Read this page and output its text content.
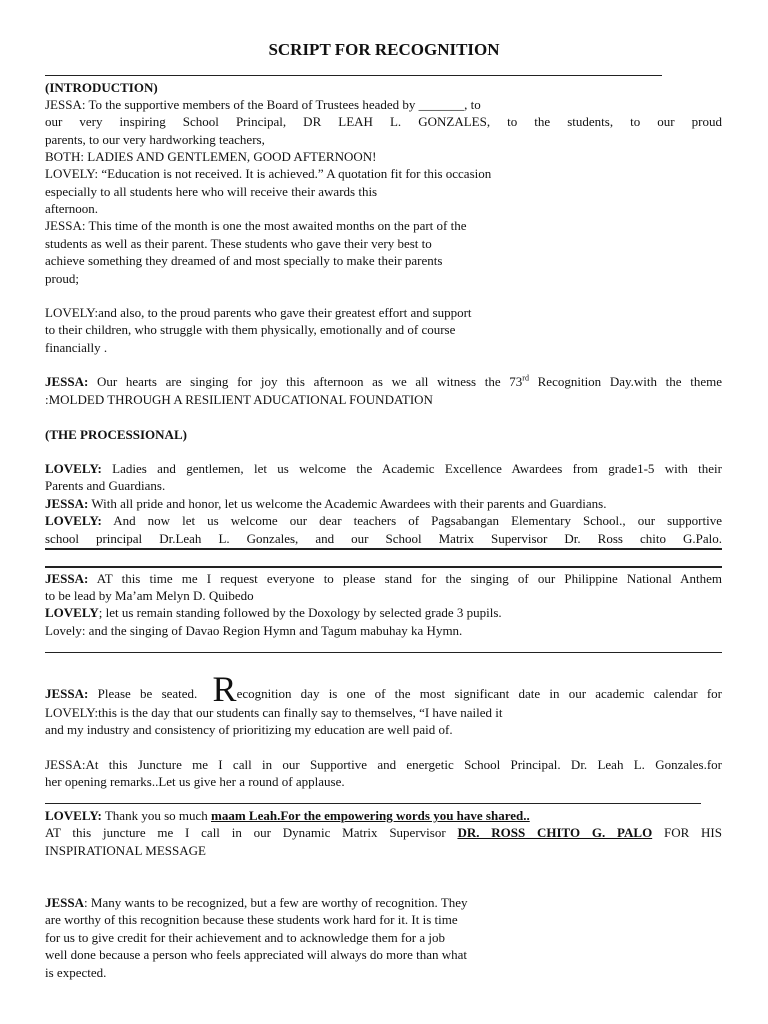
SCRIPT FOR RECOGNITION
(INTRODUCTION)
JESSA: To the supportive members of the Board of Trustees headed by _______, to
our very inspiring School Principal, DR LEAH L. GONZALES, to the students, to our proud
parents, to our very hardworking teachers,
BOTH: LADIES AND GENTLEMEN, GOOD AFTERNOON!
LOVELY: “Education is not received. It is achieved.” A quotation fit for this occasion
especially to all students here who will receive their awards this
afternoon.
JESSA: This time of the month is one the most awaited months on the part of the
students as well as their parent. These students who gave their very best to
achieve something they dreamed of and most specially to make their parents
proud;
LOVELY:and also, to the proud parents who gave their greatest effort and support
to their children, who struggle with them physically, emotionally and of course
financially .
JESSA: Our hearts are singing for joy this afternoon as we all witness the 73rd Recognition Day.with the theme
:MOLDED THROUGH A RESILIENT ADUCATIONAL FOUNDATION
(THE PROCESSIONAL)
LOVELY: Ladies and gentlemen, let us welcome the Academic Excellence Awardees from grade1-5 with their
Parents and Guardians.
JESSA: With all pride and honor, let us welcome the Academic Awardees with their parents and Guardians.
LOVELY: And now let us welcome our dear teachers of Pagsabangan Elementary School., our supportive
school principal Dr.Leah L. Gonzales, and our School Matrix Supervisor Dr. Ross chito G.Palo.
JESSA: AT this time me I request everyone to please stand for the singing of our Philippine National Anthem
to be lead by Ma’am Melyn D. Quibedo
LOVELY; let us remain standing followed by the Doxology by selected grade 3 pupils.
Lovely: and the singing of Davao Region Hymn and Tagum mabuhay ka Hymn.
JESSA: Please be seated. Recognition day is one of the most significant date in our academic calendar for
LOVELY:this is the day that our students can finally say to themselves, “I have nailed it
and my industry and consistency of prioritizing my education are well paid of.
JESSA:At this Juncture me I call in our Supportive and energetic School Principal. Dr. Leah L. Gonzales.for
her opening remarks..Let us give her a round of applause.
LOVELY: Thank you so much maam Leah.For the empowering words you have shared..
AT this juncture me I call in our Dynamic Matrix Supervisor DR. ROSS CHITO G. PALO FOR HIS
INSPIRATIONAL MESSAGE
JESSA: Many wants to be recognized, but a few are worthy of recognition. They
are worthy of this recognition because these students work hard for it. It is time
for us to give credit for their achievement and to acknowledge them for a job
well done because a person who feels appreciated will always do more than what
is expected.
